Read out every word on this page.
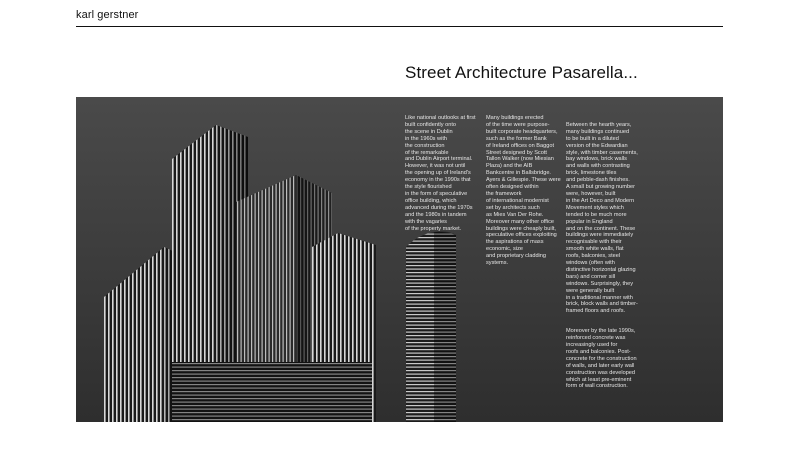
karl gerstner
Street Architecture Pasarella...
Like national outlooks at first
built confidently onto
the scene in Dublin
in the 1960s with
the construction
of the remarkable
and Dublin Airport terminal.
However, it was not until
the opening up of Ireland's
economy in the 1990s that
the style flourished
in the form of speculative
office building, which
advanced during the 1970s
and the 1980s in tandem
with the vagaries
of the property market.
Many buildings erected
of the time were purpose-
built corporate headquarters,
such as the former Bank
of Ireland offices on Baggot
Street designed by Scott
Tallon Walker (now Miesian
Plaza) and the AIB
Bankcentre in Ballsbridge.
Ayers & Gillespie. These were
often designed within
the framework
of international modernist
set by architects such
as Mies Van Der Rohe.
Moreover many other office
buildings were cheaply built,
speculative offices exploiting
the aspirations of mass
economic, size
and proprietary cladding
systems.

Between the hearth years,
many buildings continued
to be built in a diluted
version of the Edwardian
style, with timber casements,
bay windows, brick walls
and walls with contrasting
brick, limestone tiles
and pebble-dash finishes.
A small but growing number
were, however, built
in the Art Deco and Modern
Movement styles which
tended to be much more
popular in England
and on the continent. These
buildings were immediately
recognisable with their
smooth white walls, flat
roofs, balconies, steel
windows (often with
distinctive horizontal glazing
bars) and corner sill
windows. Surprisingly, they
were generally built
in a traditional manner with
brick, block walls and timber-
framed floors and roofs.

Moreover by the late 1990s,
reinforced concrete was
increasingly used for
roofs and balconies. Post-
concrete for the construction
of walls, and later early wall
construction was developed
which at least pre-eminent
form of wall construction.
